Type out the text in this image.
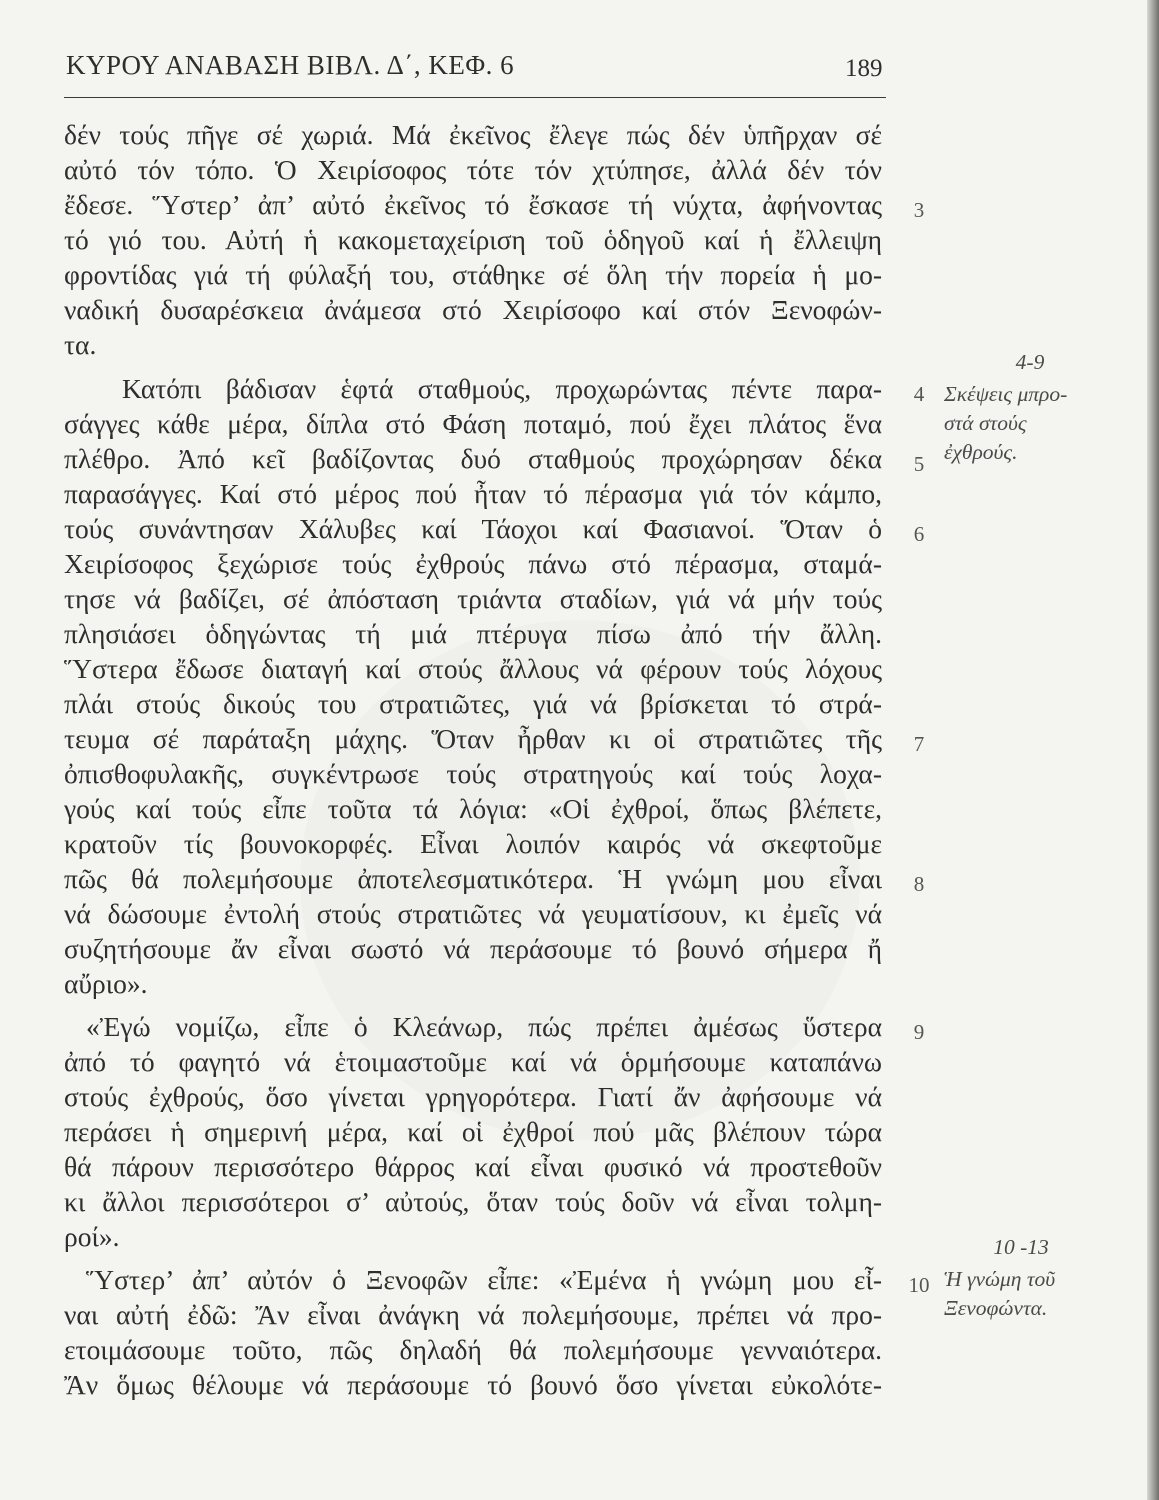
ΚΥΡΟΥ ΑΝΑΒΑΣΗ ΒΙΒΛ. Δ΄, ΚΕΦ. 6	189
δέν τούς πῆγε σέ χωριά. Μά ἐκεῖνος ἔλεγε πώς δέν ὑπῆρχαν σέ
αὐτό τόν τόπο. Ὁ Χειρίσοφος τότε τόν χτύπησε, ἀλλά δέν τόν
ἔδεσε. Ὕστερ’ ἀπ’ αὐτό ἐκεῖνος τό ἔσκασε τή νύχτα, ἀφήνοντας
τό γιό του. Αὐτή ἡ κακομεταχείριση τοῦ ὁδηγοῦ καί ἡ ἔλλειψη
φροντίδας γιά τή φύλαξή του, στάθηκε σέ ὅλη τήν πορεία ἡ μο-
ναδική δυσαρέσκεια ἀνάμεσα στό Χειρίσοφο καί στόν Ξενοφών-
τα.
Κατόπι βάδισαν ἑφτά σταθμούς, προχωρώντας πέντε παρα-
σάγγες κάθε μέρα, δίπλα στό Φάση ποταμό, πού ἔχει πλάτος ἕνα
πλέθρο. Ἀπό κεῖ βαδίζοντας δυό σταθμούς προχώρησαν δέκα
παρασάγγες. Καί στό μέρος πού ἦταν τό πέρασμα γιά τόν κάμπο,
τούς συνάντησαν Χάλυβες καί Τάοχοι καί Φασιανοί. Ὅταν ὁ
Χειρίσοφος ξεχώρισε τούς ἐχθρούς πάνω στό πέρασμα, σταμά-
τησε νά βαδίζει, σέ ἀπόσταση τριάντα σταδίων, γιά νά μήν τούς
πλησιάσει ὁδηγώντας τή μιά πτέρυγα πίσω ἀπό τήν ἄλλη.
Ὕστερα ἔδωσε διαταγή καί στούς ἄλλους νά φέρουν τούς λόχους
πλάι στούς δικούς του στρατιῶτες, γιά νά βρίσκεται τό στρά-
τευμα σέ παράταξη μάχης. Ὅταν ἦρθαν κι οἱ στρατιῶτες τῆς
ὀπισθοφυλακῆς, συγκέντρωσε τούς στρατηγούς καί τούς λοχα-
γούς καί τούς εἶπε τοῦτα τά λόγια: «Οἱ ἐχθροί, ὅπως βλέπετε,
κρατοῦν τίς βουνοκορφές. Εἶναι λοιπόν καιρός νά σκεφτοῦμε
πῶς θά πολεμήσουμε ἀποτελεσματικότερα. Ἡ γνώμη μου εἶναι
νά δώσουμε ἐντολή στούς στρατιῶτες νά γευματίσουν, κι ἐμεῖς νά
συζητήσουμε ἄν εἶναι σωστό νά περάσουμε τό βουνό σήμερα ἤ
αὔριο».
«Ἐγώ νομίζω, εἶπε ὁ Κλεάνωρ, πώς πρέπει ἀμέσως ὕστερα
ἀπό τό φαγητό νά ἑτοιμαστοῦμε καί νά ὁρμήσουμε καταπάνω
στούς ἐχθρούς, ὅσο γίνεται γρηγορότερα. Γιατί ἄν ἀφήσουμε νά
περάσει ἡ σημερινή μέρα, καί οἱ ἐχθροί πού μᾶς βλέπουν τώρα
θά πάρουν περισσότερο θάρρος καί εἶναι φυσικό νά προστεθοῦν
κι ἄλλοι περισσότεροι σ’ αὐτούς, ὅταν τούς δοῦν νά εἶναι τολμη-
ροί».
Ὕστερ’ ἀπ’ αὐτόν ὁ Ξενοφῶν εἶπε: «Ἐμένα ἡ γνώμη μου εἶ-
ναι αὐτή ἐδῶ: Ἄν εἶναι ἀνάγκη νά πολεμήσουμε, πρέπει νά προ-
ετοιμάσουμε τοῦτο, πῶς δηλαδή θά πολεμήσουμε γενναιότερα.
Ἄν ὅμως θέλουμε νά περάσουμε τό βουνό ὅσο γίνεται εὐκολότε-
3
4
5
6
7
8
9
10
4-9
Σκέψεις μπρο-
στά στούς
ἐχθρούς.
10 -13
Ἡ γνώμη τοῦ
Ξενοφώντα.
